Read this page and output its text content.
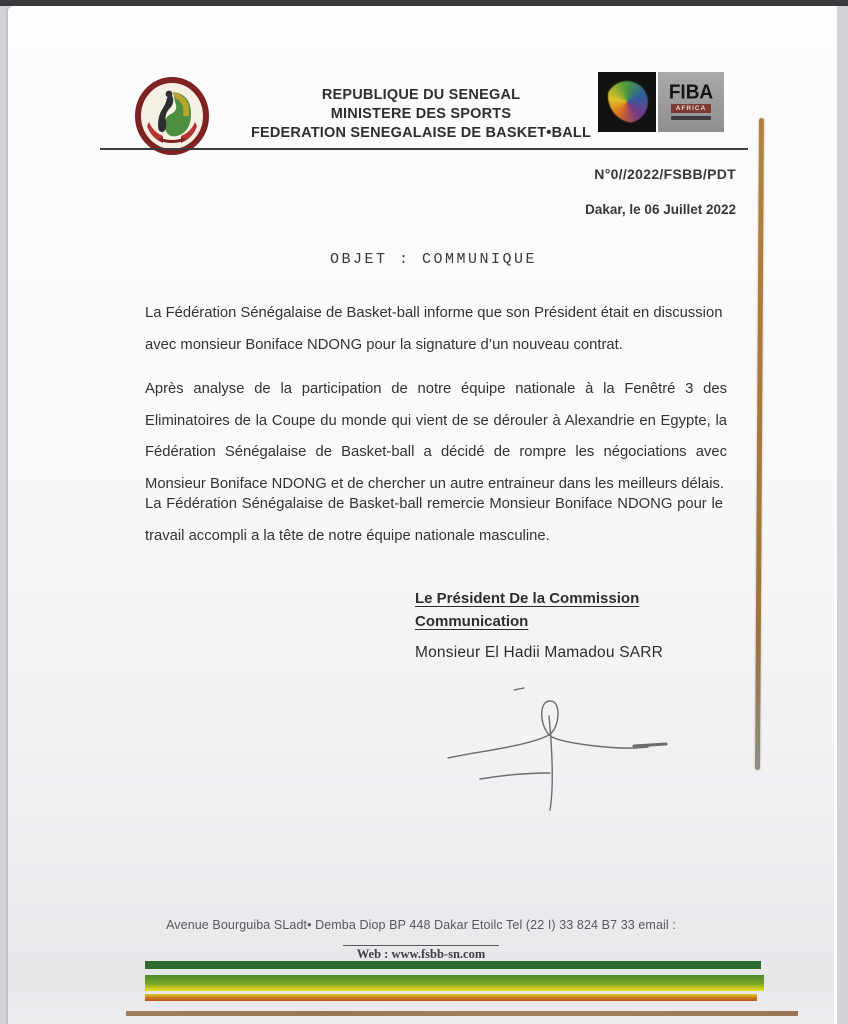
REPUBLIQUE DU SENEGAL
MINISTERE DES SPORTS
FEDERATION SENEGALAISE DE BASKET•BALL
FIBA
AFRICA
N°0//2022/FSBB/PDT
Dakar, le 06 Juillet 2022
OBJET : COMMUNIQUE
La Fédération Sénégalaise de Basket-ball informe que son Président était en discussion avec monsieur Boniface NDONG pour la signature d’un nouveau contrat.
Après analyse de la participation de notre équipe nationale à la Fenêtré 3 des Eliminatoires de la Coupe du monde qui vient de se dérouler à Alexandrie en Egypte, la Fédération Sénégalaise de Basket-ball a décidé de rompre les négociations avec Monsieur Boniface NDONG et de chercher un autre entraineur dans les meilleurs délais.
La Fédération Sénégalaise de Basket-ball remercie Monsieur Boniface NDONG pour le travail accompli a la tête de notre équipe nationale masculine.
Le Président De la Commission
Communication
Monsieur El Hadii Mamadou SARR
Avenue Bourguiba SLadt• Demba Diop BP 448 Dakar Etoilc Tel (22 I) 33 824 B7 33 email :
Web : www.fsbb-sn.com
